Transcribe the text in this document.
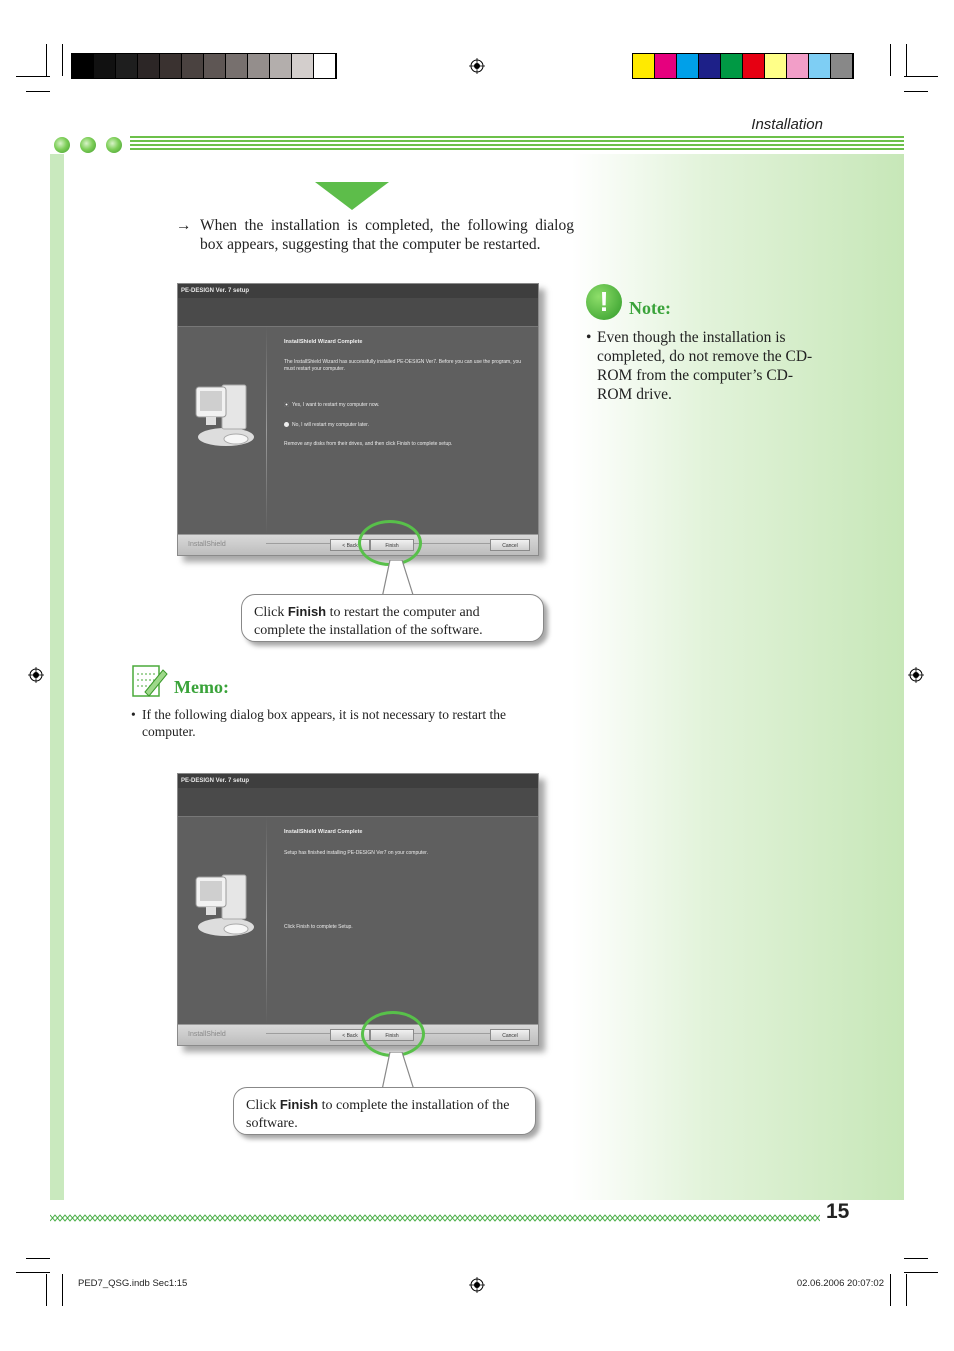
Installation
→ When the installation is completed, the following dialog box appears, suggesting that the computer be restarted.
PE-DESIGN Ver. 7 setup
InstallShield Wizard Complete
The InstallShield Wizard has successfully installed PE-DESIGN Ver7. Before you can use the program, you must restart your computer.
Yes, I want to restart my computer now.
No, I will restart my computer later.
Remove any disks from their drives, and then click Finish to complete setup.
InstallShield	< Back	Finish	Cancel
Click Finish to restart the computer and complete the installation of the software.
Memo:
• If the following dialog box appears, it is not necessary to restart the computer.
PE-DESIGN Ver. 7 setup
InstallShield Wizard Complete
Setup has finished installing PE-DESIGN Ver7 on your computer.
Click Finish to complete Setup.
InstallShield	< Back	Finish	Cancel
Click Finish to complete the installation of the software.
!	Note:
• Even though the installation is completed, do not remove the CD-ROM from the computer’s CD-ROM drive.
15
PED7_QSG.indb Sec1:15	02.06.2006 20:07:02
